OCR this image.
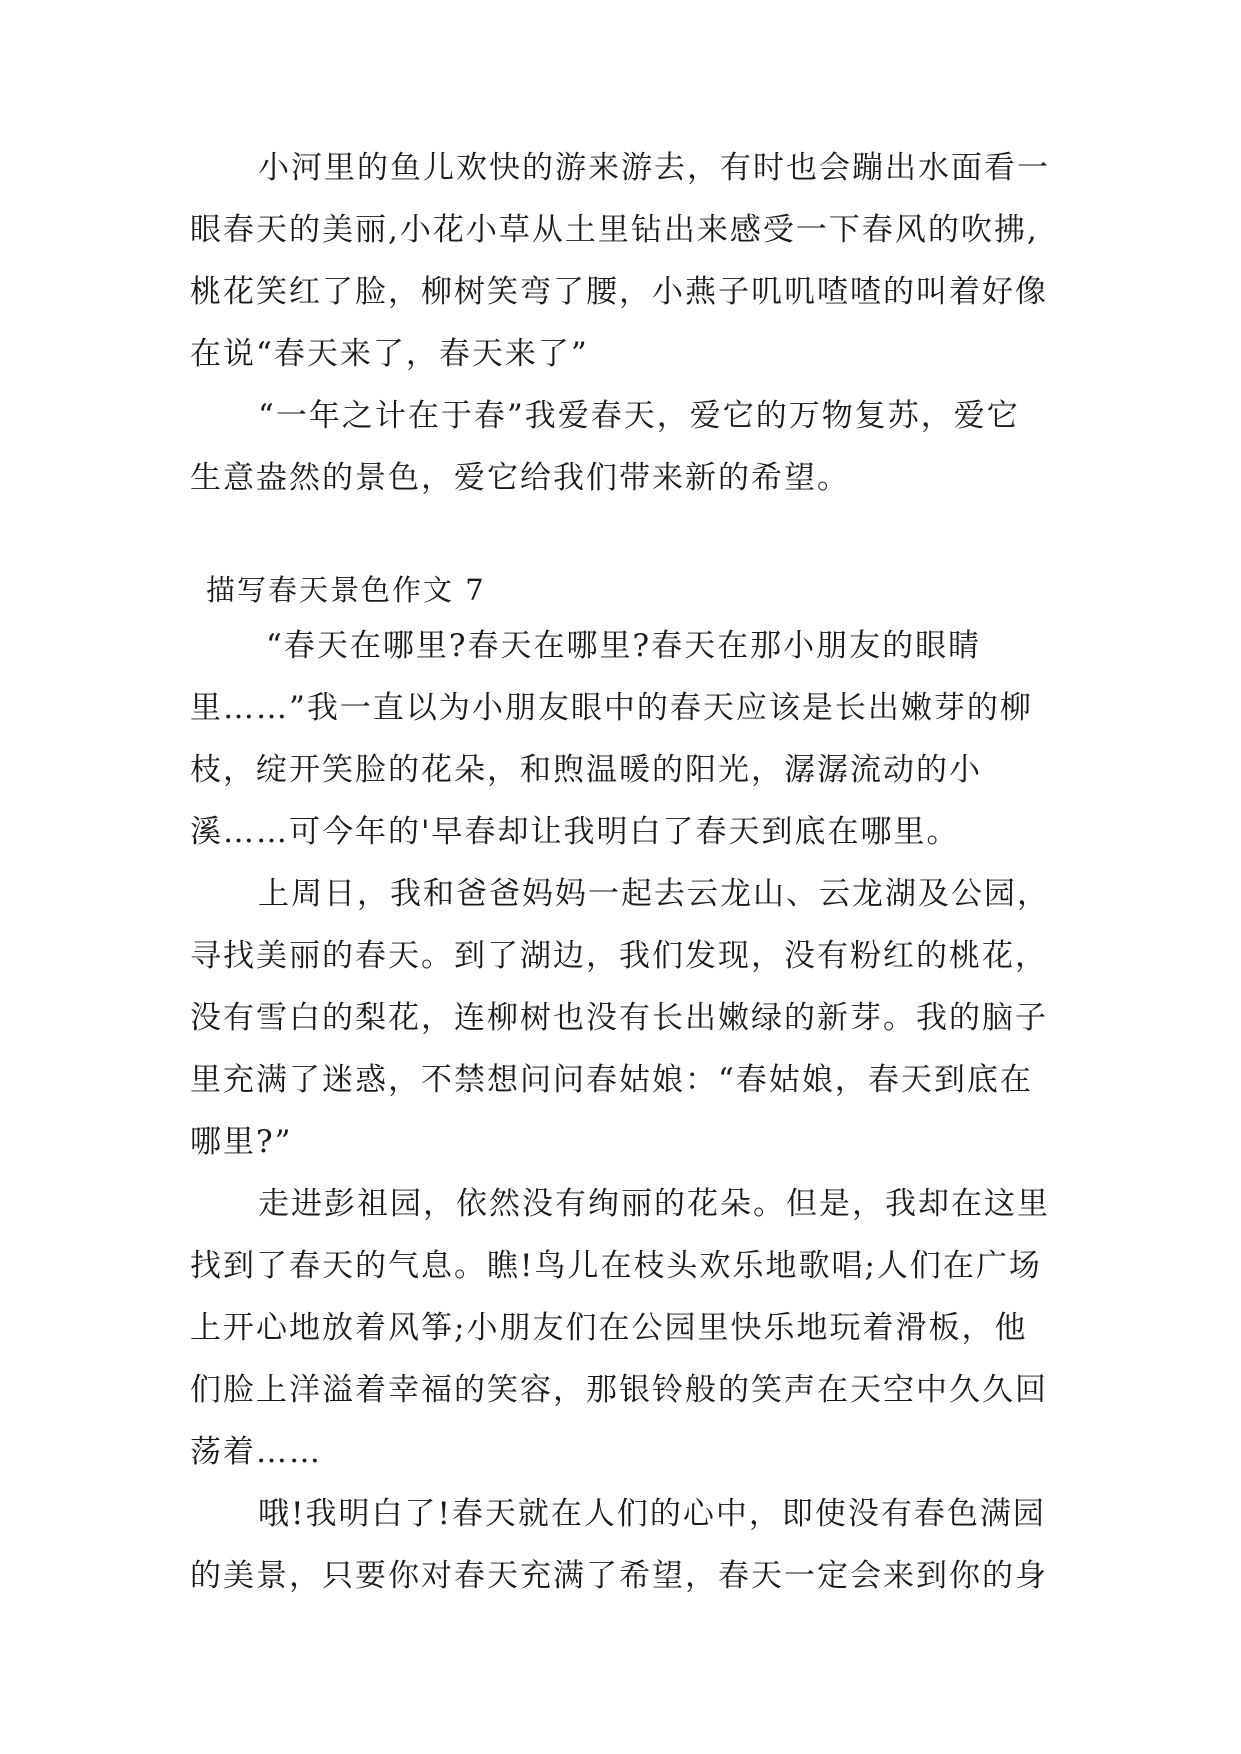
小河里的鱼儿欢快的游来游去，有时也会蹦出水面看一
眼春天的美丽,小花小草从土里钻出来感受一下春风的吹拂,
桃花笑红了脸，柳树笑弯了腰，小燕子叽叽喳喳的叫着好像
在说“春天来了，春天来了”
“一年之计在于春”我爱春天，爱它的万物复苏，爱它
生意盎然的景色，爱它给我们带来新的希望。
描写春天景色作文 7
“春天在哪里?春天在哪里?春天在那小朋友的眼睛
里……”我一直以为小朋友眼中的春天应该是长出嫩芽的柳
枝，绽开笑脸的花朵，和煦温暖的阳光，潺潺流动的小
溪……可今年的'早春却让我明白了春天到底在哪里。
上周日，我和爸爸妈妈一起去云龙山、云龙湖及公园，
寻找美丽的春天。到了湖边，我们发现，没有粉红的桃花，
没有雪白的梨花，连柳树也没有长出嫩绿的新芽。我的脑子
里充满了迷惑，不禁想问问春姑娘：“春姑娘，春天到底在
哪里?”
走进彭祖园，依然没有绚丽的花朵。但是，我却在这里
找到了春天的气息。瞧!鸟儿在枝头欢乐地歌唱;人们在广场
上开心地放着风筝;小朋友们在公园里快乐地玩着滑板，他
们脸上洋溢着幸福的笑容，那银铃般的笑声在天空中久久回
荡着……
哦!我明白了!春天就在人们的心中，即使没有春色满园
的美景，只要你对春天充满了希望，春天一定会来到你的身
